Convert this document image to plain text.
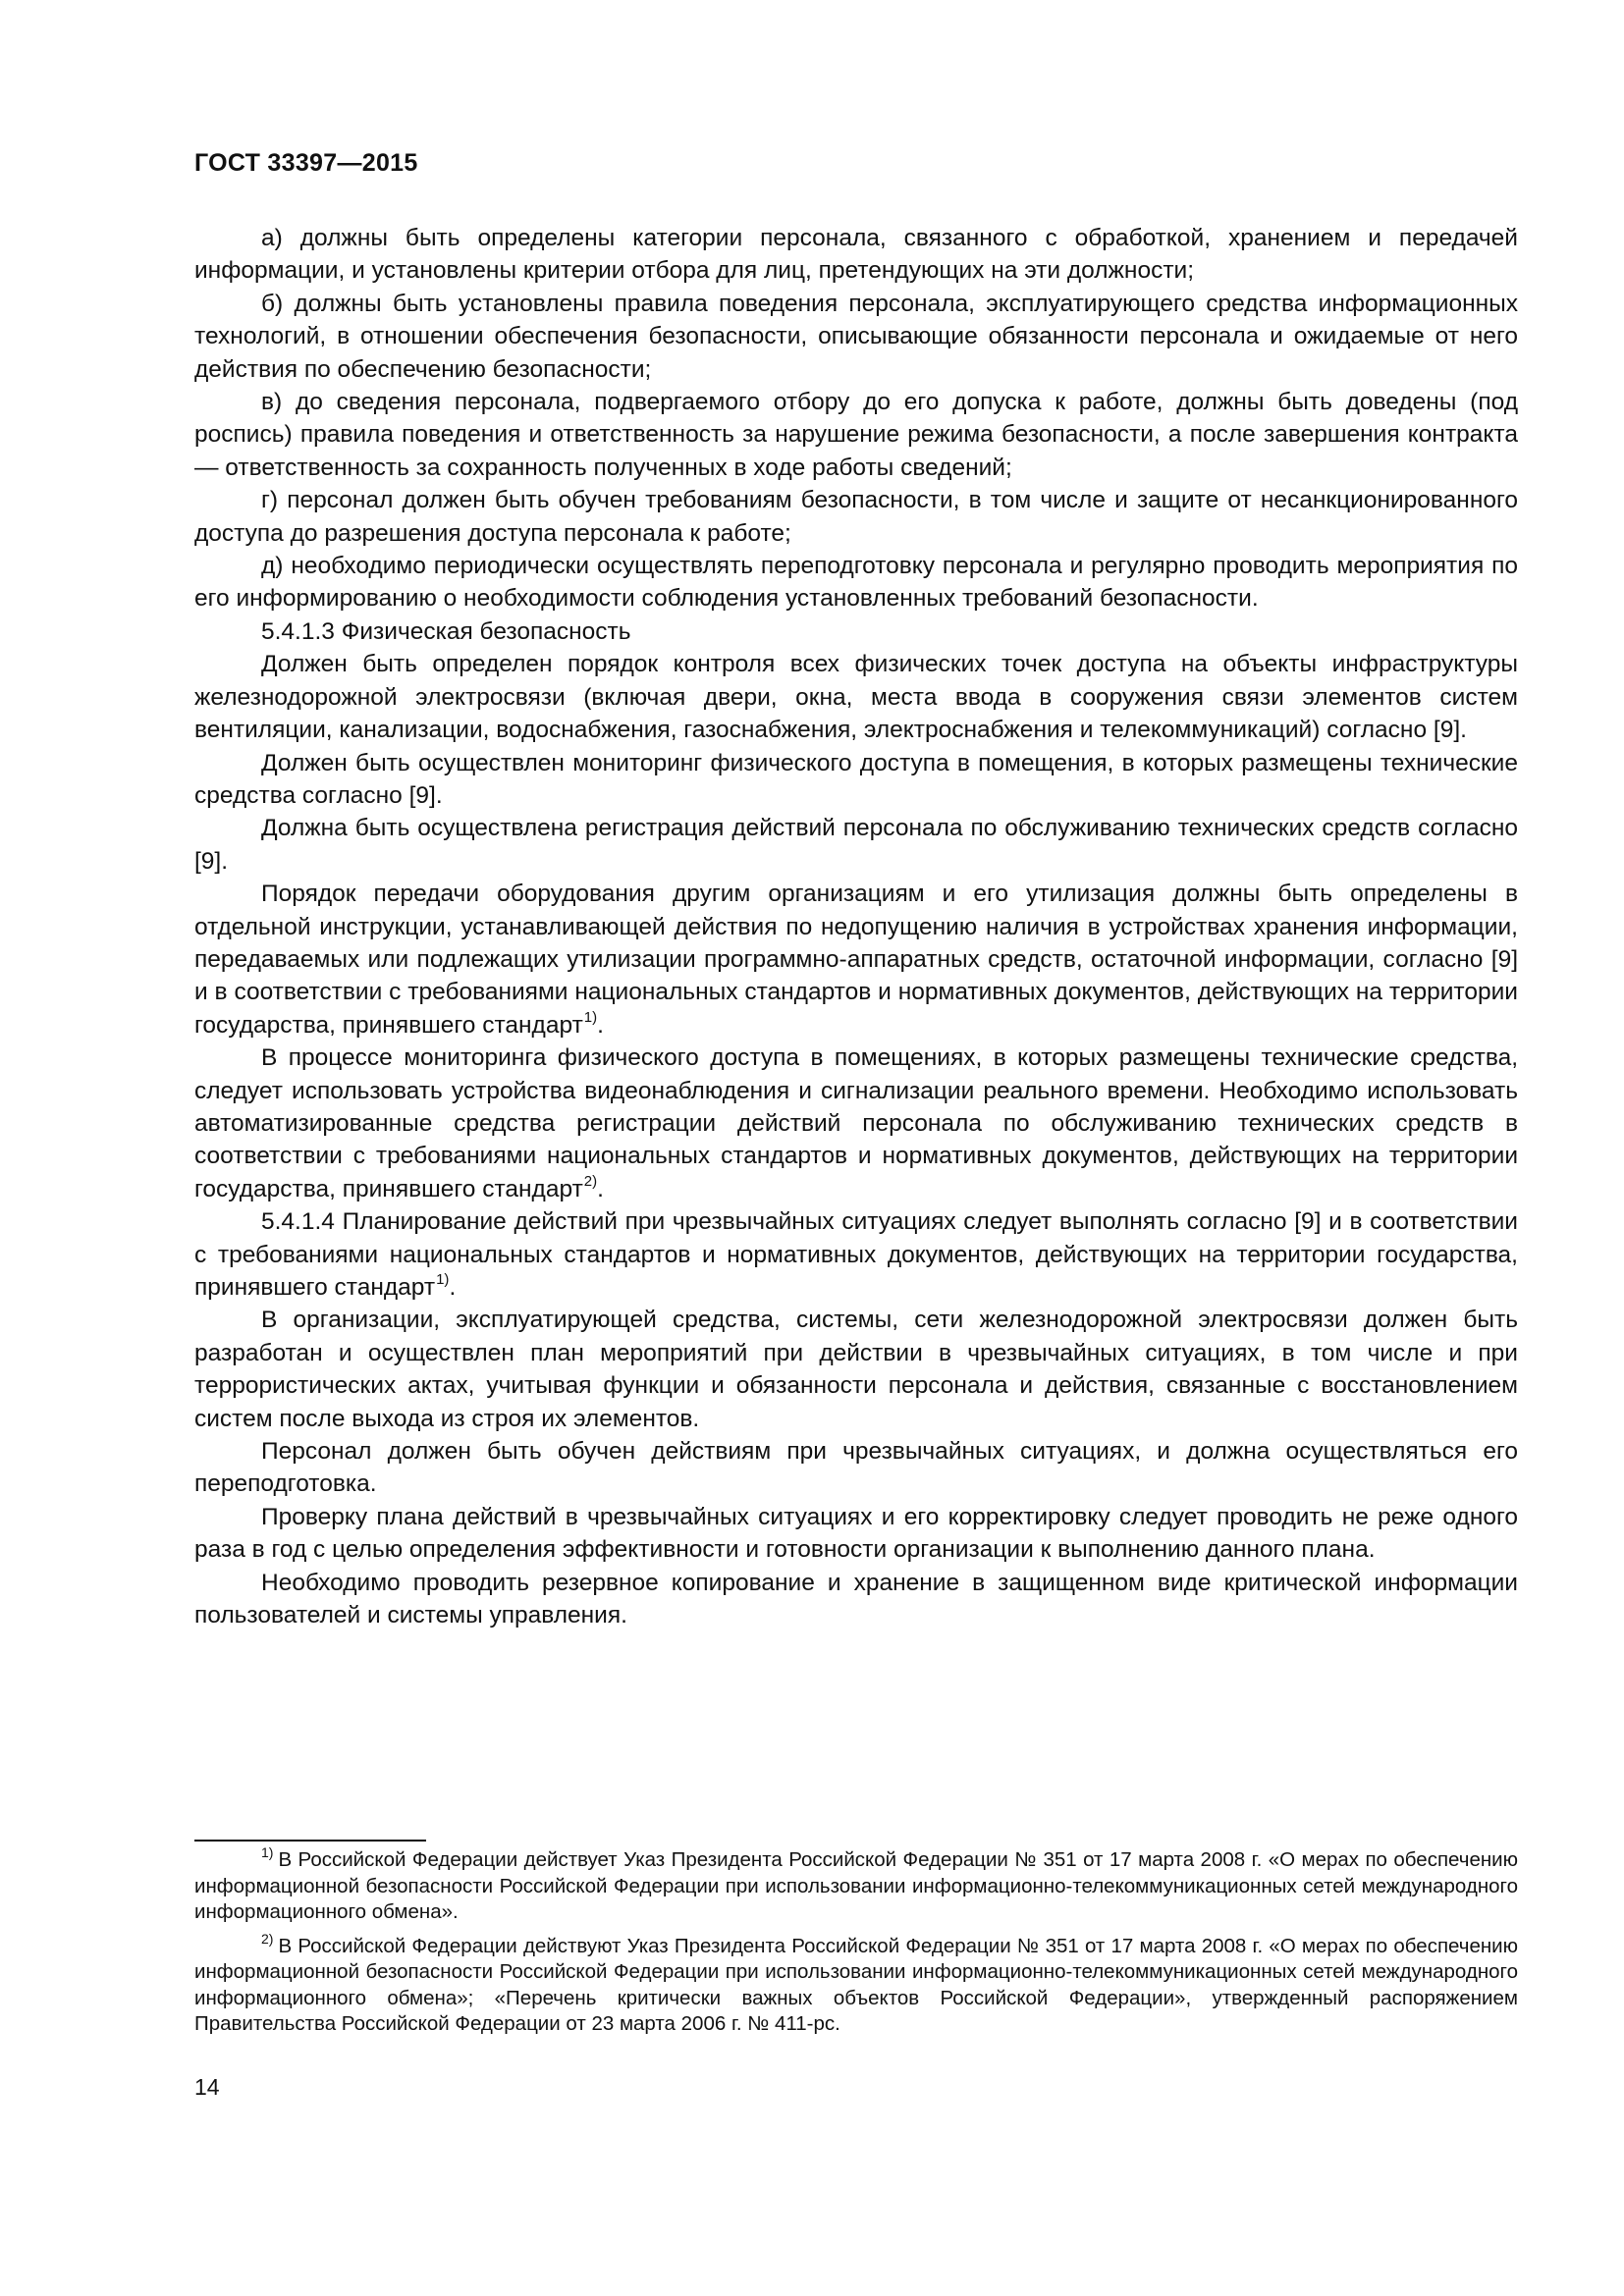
ГОСТ 33397—2015

а) должны быть определены категории персонала, связанного с обработкой, хранением и передачей информации, и установлены критерии отбора для лиц, претендующих на эти должности;

б) должны быть установлены правила поведения персонала, эксплуатирующего средства информационных технологий, в отношении обеспечения безопасности, описывающие обязанности персонала и ожидаемые от него действия по обеспечению безопасности;

в) до сведения персонала, подвергаемого отбору до его допуска к работе, должны быть доведены (под роспись) правила поведения и ответственность за нарушение режима безопасности, а после завершения контракта — ответственность за сохранность полученных в ходе работы сведений;

г) персонал должен быть обучен требованиям безопасности, в том числе и защите от несанкционированного доступа до разрешения доступа персонала к работе;

д) необходимо периодически осуществлять переподготовку персонала и регулярно проводить мероприятия по его информированию о необходимости соблюдения установленных требований безопасности.

5.4.1.3 Физическая безопасность

Должен быть определен порядок контроля всех физических точек доступа на объекты инфраструктуры железнодорожной электросвязи (включая двери, окна, места ввода в сооружения связи элементов систем вентиляции, канализации, водоснабжения, газоснабжения, электроснабжения и телекоммуникаций) согласно [9].

Должен быть осуществлен мониторинг физического доступа в помещения, в которых размещены технические средства согласно [9].

Должна быть осуществлена регистрация действий персонала по обслуживанию технических средств согласно [9].

Порядок передачи оборудования другим организациям и его утилизация должны быть определены в отдельной инструкции, устанавливающей действия по недопущению наличия в устройствах хранения информации, передаваемых или подлежащих утилизации программно-аппаратных средств, остаточной информации, согласно [9] и в соответствии с требованиями национальных стандартов и нормативных документов, действующих на территории государства, принявшего стандарт$^{1)}$.

В процессе мониторинга физического доступа в помещениях, в которых размещены технические средства, следует использовать устройства видеонаблюдения и сигнализации реального времени. Необходимо использовать автоматизированные средства регистрации действий персонала по обслуживанию технических средств в соответствии с требованиями национальных стандартов и нормативных документов, действующих на территории государства, принявшего стандарт$^{2)}$.

5.4.1.4 Планирование действий при чрезвычайных ситуациях следует выполнять согласно [9] и в соответствии с требованиями национальных стандартов и нормативных документов, действующих на территории государства, принявшего стандарт$^{1)}$.

В организации, эксплуатирующей средства, системы, сети железнодорожной электросвязи должен быть разработан и осуществлен план мероприятий при действии в чрезвычайных ситуациях, в том числе и при террористических актах, учитывая функции и обязанности персонала и действия, связанные с восстановлением систем после выхода из строя их элементов.

Персонал должен быть обучен действиям при чрезвычайных ситуациях, и должна осуществляться его переподготовка.

Проверку плана действий в чрезвычайных ситуациях и его корректировку следует проводить не реже одного раза в год с целью определения эффективности и готовности организации к выполнению данного плана.

Необходимо проводить резервное копирование и хранение в защищенном виде критической информации пользователей и системы управления.

$^{1)}$ В Российской Федерации действует Указ Президента Российской Федерации № 351 от 17 марта 2008 г. «О мерах по обеспечению информационной безопасности Российской Федерации при использовании информационно-телекоммуникационных сетей международного информационного обмена».

$^{2)}$ В Российской Федерации действуют Указ Президента Российской Федерации № 351 от 17 марта 2008 г. «О мерах по обеспечению информационной безопасности Российской Федерации при использовании информационно-телекоммуникационных сетей международного информационного обмена»; «Перечень критически важных объектов Российской Федерации», утвержденный распоряжением Правительства Российской Федерации от 23 марта 2006 г. № 411-рс.

14
